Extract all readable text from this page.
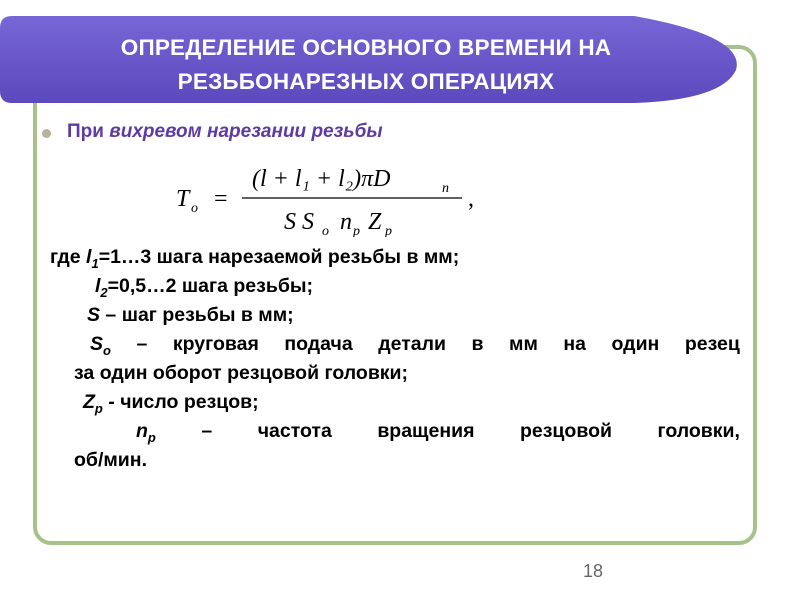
ОПРЕДЕЛЕНИЕ ОСНОВНОГО ВРЕМЕНИ НА
РЕЗЬБОНАРЕЗНЫХ ОПЕРАЦИЯХ
При вихревом нарезании резьбы
T o =
(l + l₁ + l₂)πD	п
S S o n p Z p
,
где $l_1=1\dots 3$ шага нарезаемой резьбы в мм;
$l_2=0,5\dots 2$ шага резьбы;
S – шаг резьбы в мм;
$S_o$ – круговая подача детали в мм на один резец
за один оборот резцовой головки;
$Z_p$ - число резцов;
$n_p$ – частота вращения резцовой головки,
об/мин.
18
